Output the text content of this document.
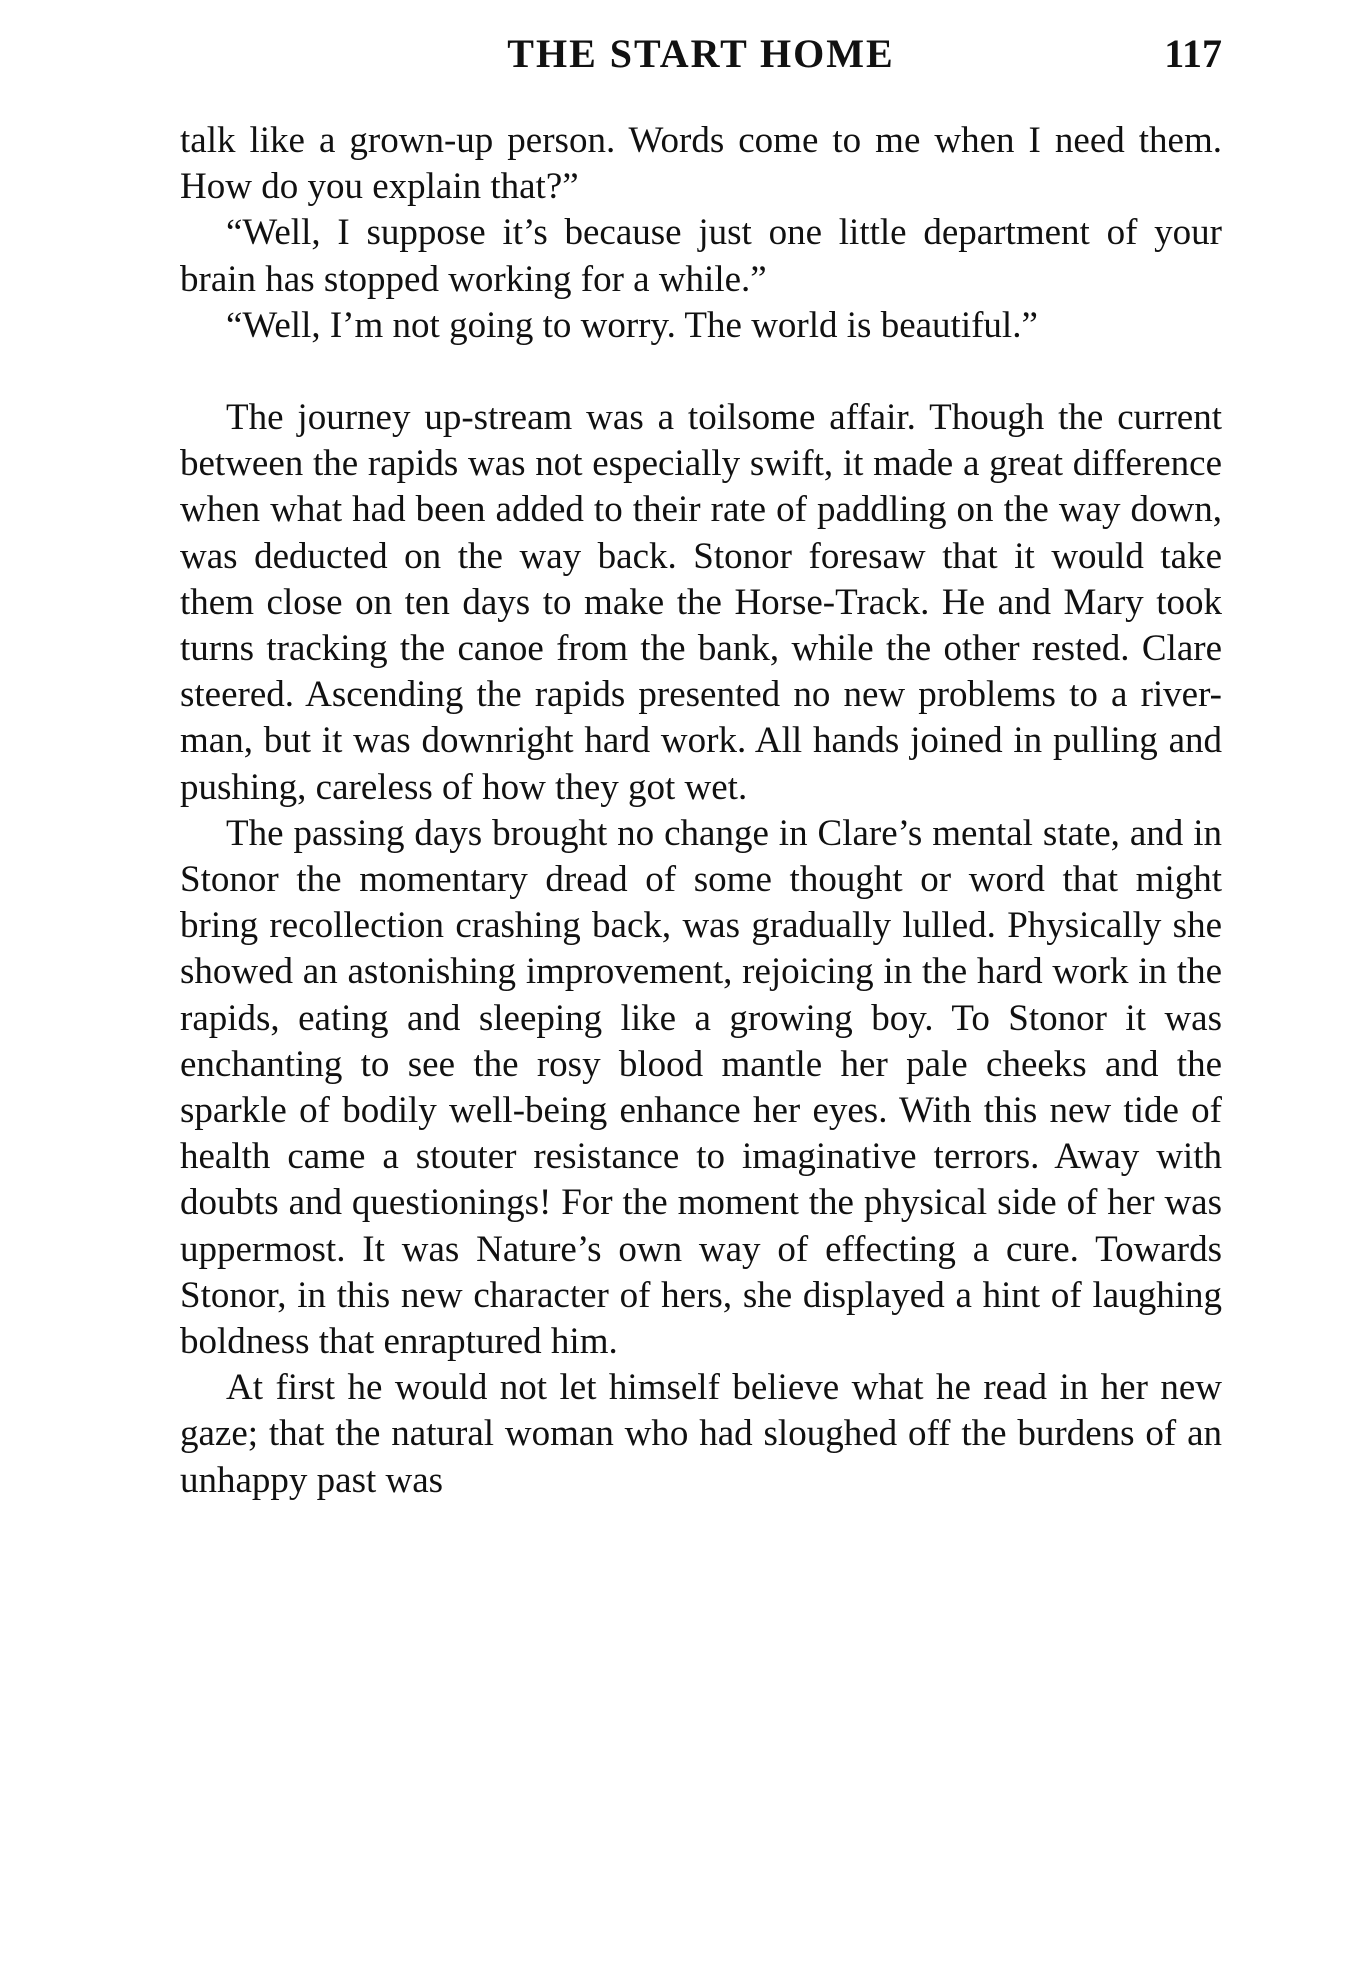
THE START HOME	117

talk like a grown-up person. Words come to me when I need them. How do you explain that?”

“Well, I suppose it’s because just one little department of your brain has stopped working for a while.”

“Well, I’m not going to worry. The world is beautiful.”

The journey up-stream was a toilsome affair. Though the current between the rapids was not especially swift, it made a great difference when what had been added to their rate of paddling on the way down, was deducted on the way back. Stonor foresaw that it would take them close on ten days to make the Horse-Track. He and Mary took turns tracking the canoe from the bank, while the other rested. Clare steered. Ascending the rapids presented no new problems to a river-man, but it was downright hard work. All hands joined in pulling and pushing, careless of how they got wet.

The passing days brought no change in Clare’s mental state, and in Stonor the momentary dread of some thought or word that might bring recollection crashing back, was gradually lulled. Physically she showed an astonishing improvement, rejoicing in the hard work in the rapids, eating and sleeping like a growing boy. To Stonor it was enchanting to see the rosy blood mantle her pale cheeks and the sparkle of bodily well-being enhance her eyes. With this new tide of health came a stouter resistance to imaginative terrors. Away with doubts and questionings! For the moment the physical side of her was uppermost. It was Nature’s own way of effecting a cure. Towards Stonor, in this new character of hers, she displayed a hint of laughing boldness that enraptured him.

At first he would not let himself believe what he read in her new gaze; that the natural woman who had sloughed off the burdens of an unhappy past was
